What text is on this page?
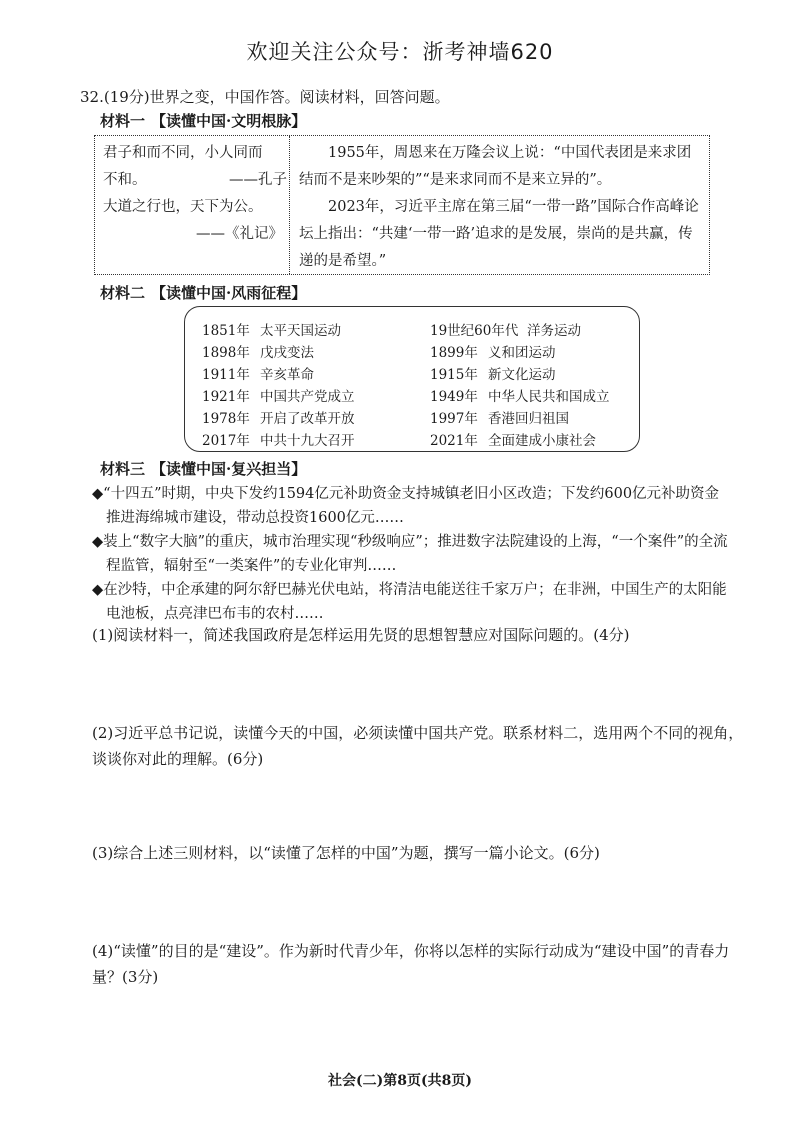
欢迎关注公众号：浙考神墙620
32.(19分)世界之变，中国作答。阅读材料，回答问题。
材料一 【读懂中国·文明根脉】
君子和而不同，小人同而
不和。	——孔子
大道之行也，天下为公。
——《礼记》

1955年，周恩来在万隆会议上说：“中国代表团是来求团结而不是来吵架的”“是来求同而不是来立异的”。

2023年，习近平主席在第三届“一带一路”国际合作高峰论坛上指出：“共建‘一带一路’追求的是发展，崇尚的是共赢，传递的是希望。”

材料二 【读懂中国·风雨征程】
1851年 太平天国运动	19世纪60年代 洋务运动
1898年 戊戌变法	1899年 义和团运动
1911年 辛亥革命	1915年 新文化运动
1921年 中国共产党成立	1949年 中华人民共和国成立
1978年 开启了改革开放	1997年 香港回归祖国
2017年 中共十九大召开	2021年 全面建成小康社会
材料三 【读懂中国·复兴担当】
◆“十四五”时期，中央下发约1594亿元补助资金支持城镇老旧小区改造；下发约600亿元补助资金推进海绵城市建设，带动总投资1600亿元……
◆装上“数字大脑”的重庆，城市治理实现“秒级响应”；推进数字法院建设的上海，“一个案件”的全流程监管，辐射至“一类案件”的专业化审判……
◆在沙特，中企承建的阿尔舒巴赫光伏电站，将清洁电能送往千家万户；在非洲，中国生产的太阳能电池板，点亮津巴布韦的农村……
(1)阅读材料一，简述我国政府是怎样运用先贤的思想智慧应对国际问题的。(4分)
(2)习近平总书记说，读懂今天的中国，必须读懂中国共产党。联系材料二，选用两个不同的视角，谈谈你对此的理解。(6分)
(3)综合上述三则材料，以“读懂了怎样的中国”为题，撰写一篇小论文。(6分)
(4)“读懂”的目的是“建设”。作为新时代青少年，你将以怎样的实际行动成为“建设中国”的青春力量？(3分)
社会(二)第8页(共8页)
